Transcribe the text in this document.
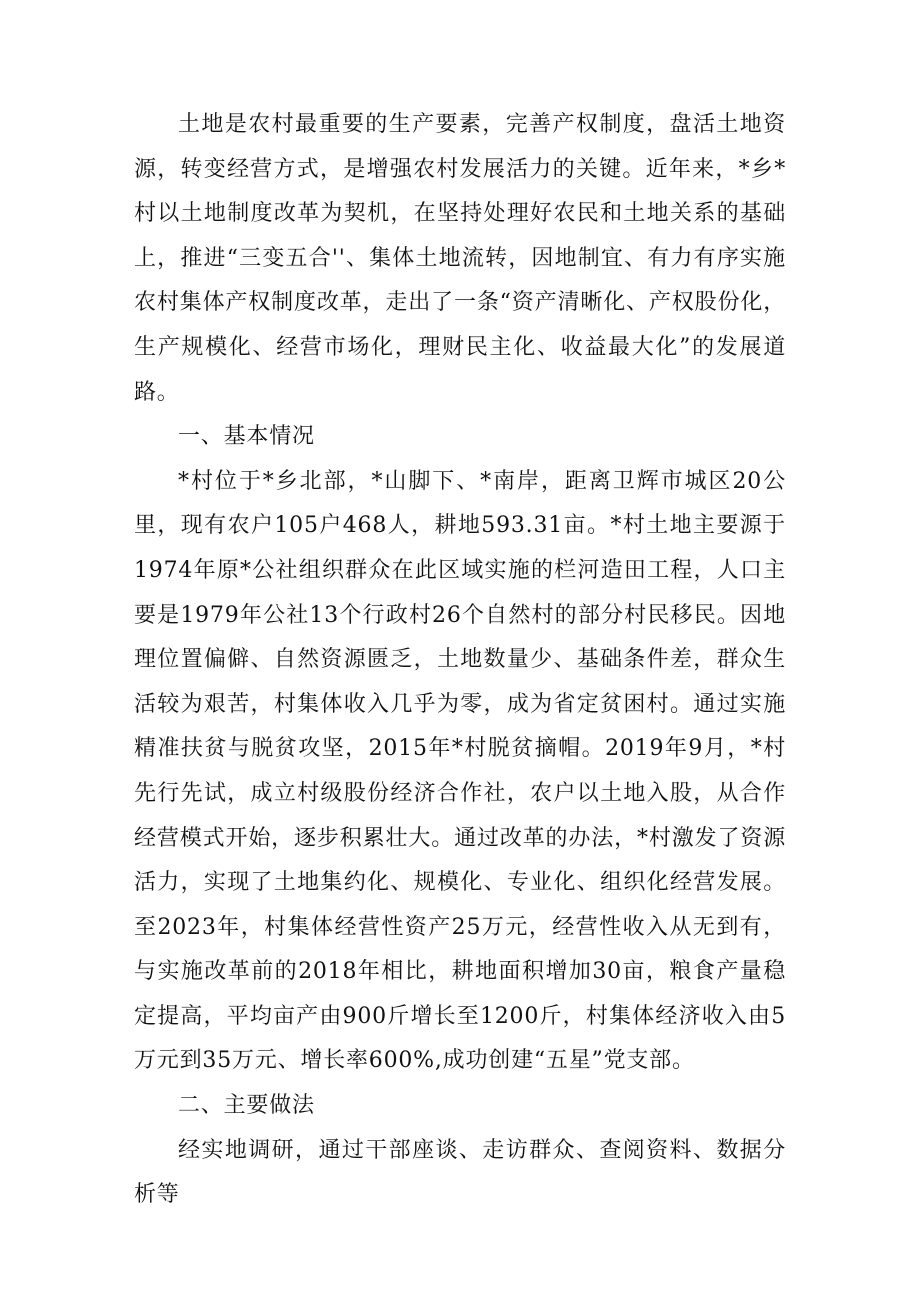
土地是农村最重要的生产要素，完善产权制度，盘活土地资源，转变经营方式，是增强农村发展活力的关键。近年来，*乡*村以土地制度改革为契机，在坚持处理好农民和土地关系的基础上，推进“三变五合''、集体土地流转，因地制宜、有力有序实施农村集体产权制度改革，走出了一条“资产清晰化、产权股份化，生产规模化、经营市场化，理财民主化、收益最大化”的发展道路。

一、基本情况

*村位于*乡北部，*山脚下、*南岸，距离卫辉市城区20公里，现有农户105户468人，耕地593.31亩。*村土地主要源于1974年原*公社组织群众在此区域实施的栏河造田工程，人口主要是1979年公社13个行政村26个自然村的部分村民移民。因地理位置偏僻、自然资源匮乏，土地数量少、基础条件差，群众生活较为艰苦，村集体收入几乎为零，成为省定贫困村。通过实施精准扶贫与脱贫攻坚，2015年*村脱贫摘帽。2019年9月，*村先行先试，成立村级股份经济合作社，农户以土地入股，从合作经营模式开始，逐步积累壮大。通过改革的办法，*村激发了资源活力，实现了土地集约化、规模化、专业化、组织化经营发展。至2023年，村集体经营性资产25万元，经营性收入从无到有，与实施改革前的2018年相比，耕地面积增加30亩，粮食产量稳定提高，平均亩产由900斤增长至1200斤，村集体经济收入由5万元到35万元、增长率600%,成功创建“五星”党支部。

二、主要做法

经实地调研，通过干部座谈、走访群众、查阅资料、数据分析等
